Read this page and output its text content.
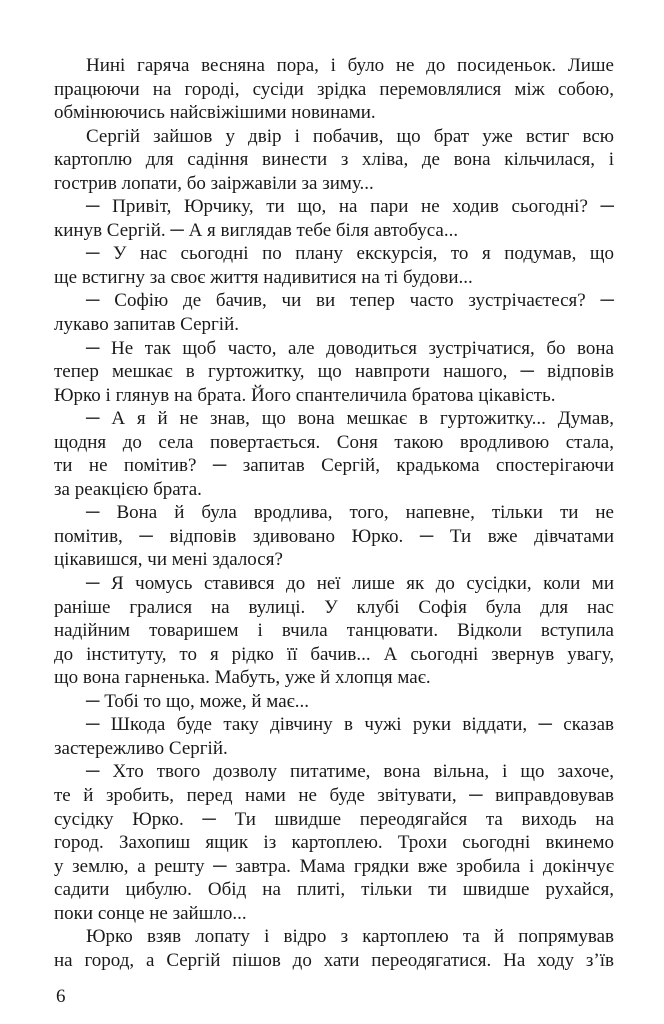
Нині гаряча весняна пора, і було не до посиденьок. Лише
працюючи на городі, сусіди зрідка перемовлялися між собою,
обмінюючись найсвіжішими новинами.
Сергій зайшов у двір і побачив, що брат уже встиг всю
картоплю для садіння винести з хліва, де вона кільчилася, і
гострив лопати, бо заіржавіли за зиму...
─ Привіт, Юрчику, ти що, на пари не ходив сьогодні? ─
кинув Сергій. ─ А я виглядав тебе біля автобуса...
─ У нас сьогодні по плану екскурсія, то я подумав, що
ще встигну за своє життя надивитися на ті будови...
─ Софію де бачив, чи ви тепер часто зустрічаєтеся? ─
лукаво запитав Сергій.
─ Не так щоб часто, але доводиться зустрічатися, бо вона
тепер мешкає в гуртожитку, що навпроти нашого, ─ відповів
Юрко і глянув на брата. Його спантеличила братова цікавість.
─ А я й не знав, що вона мешкає в гуртожитку... Думав,
щодня до села повертається. Соня такою вродливою стала,
ти не помітив? ─ запитав Сергій, крадькома спостерігаючи
за реакцією брата.
─ Вона й була вродлива, того, напевне, тільки ти не
помітив, ─ відповів здивовано Юрко. ─ Ти вже дівчатами
цікавишся, чи мені здалося?
─ Я чомусь ставився до неї лише як до сусідки, коли ми
раніше гралися на вулиці. У клубі Софія була для нас
надійним товаришем і вчила танцювати. Відколи вступила
до інституту, то я рідко її бачив... А сьогодні звернув увагу,
що вона гарненька. Мабуть, уже й хлопця має.
─ Тобі то що, може, й має...
─ Шкода буде таку дівчину в чужі руки віддати, ─ сказав
застережливо Сергій.
─ Хто твого дозволу питатиме, вона вільна, і що захоче,
те й зробить, перед нами не буде звітувати, ─ виправдовував
сусідку Юрко. ─ Ти швидше переодягайся та виходь на
город. Захопиш ящик із картоплею. Трохи сьогодні вкинемо
у землю, а решту ─ завтра. Мама грядки вже зробила і докінчує
садити цибулю. Обід на плиті, тільки ти швидше рухайся,
поки сонце не зайшло...
Юрко взяв лопату і відро з картоплею та й попрямував
на город, а Сергій пішов до хати переодягатися. На ходу з’їв
6
